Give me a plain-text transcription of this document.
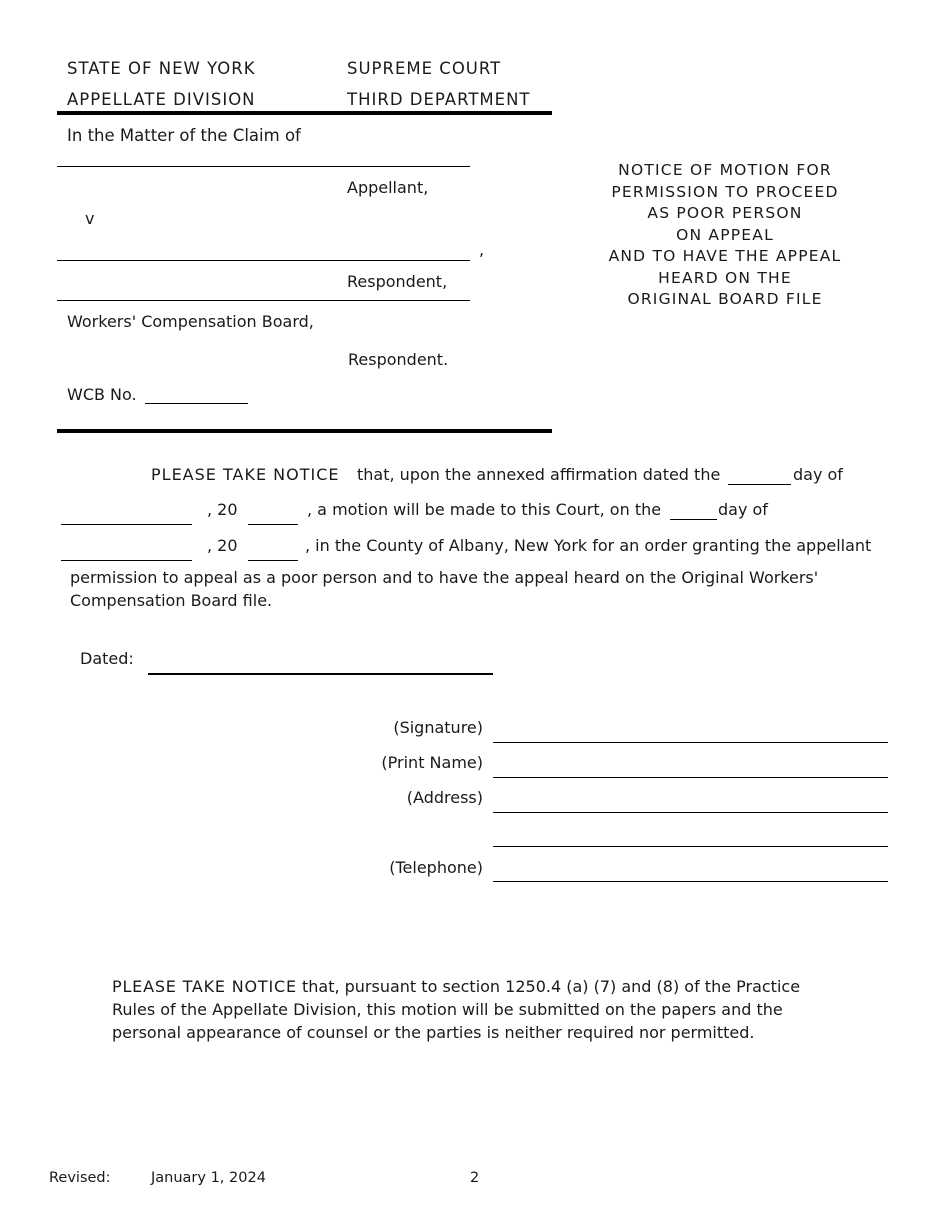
STATE OF NEW YORK	SUPREME COURT
APPELLATE DIVISION	THIRD DEPARTMENT
In the Matter of the Claim of
Appellant,
v
,
Respondent,
Workers' Compensation Board,
Respondent.
WCB No.
NOTICE OF MOTION FOR
PERMISSION TO PROCEED
AS POOR PERSON
ON APPEAL
AND TO HAVE THE APPEAL
HEARD ON THE
ORIGINAL BOARD FILE
PLEASE TAKE NOTICE that, upon the annexed affirmation dated the	day of
, 20	, a motion will be made to this Court, on the	day of
, 20	, in the County of Albany, New York for an order granting the appellant
permission to appeal as a poor person and to have the appeal heard on the Original Workers'
Compensation Board file.
Dated:
(Signature)
(Print Name)
(Address)
(Telephone)
PLEASE TAKE NOTICE that, pursuant to section 1250.4 (a) (7) and (8) of the Practice
Rules of the Appellate Division, this motion will be submitted on the papers and the
personal appearance of counsel or the parties is neither required nor permitted.
Revised:	January 1, 2024	2
